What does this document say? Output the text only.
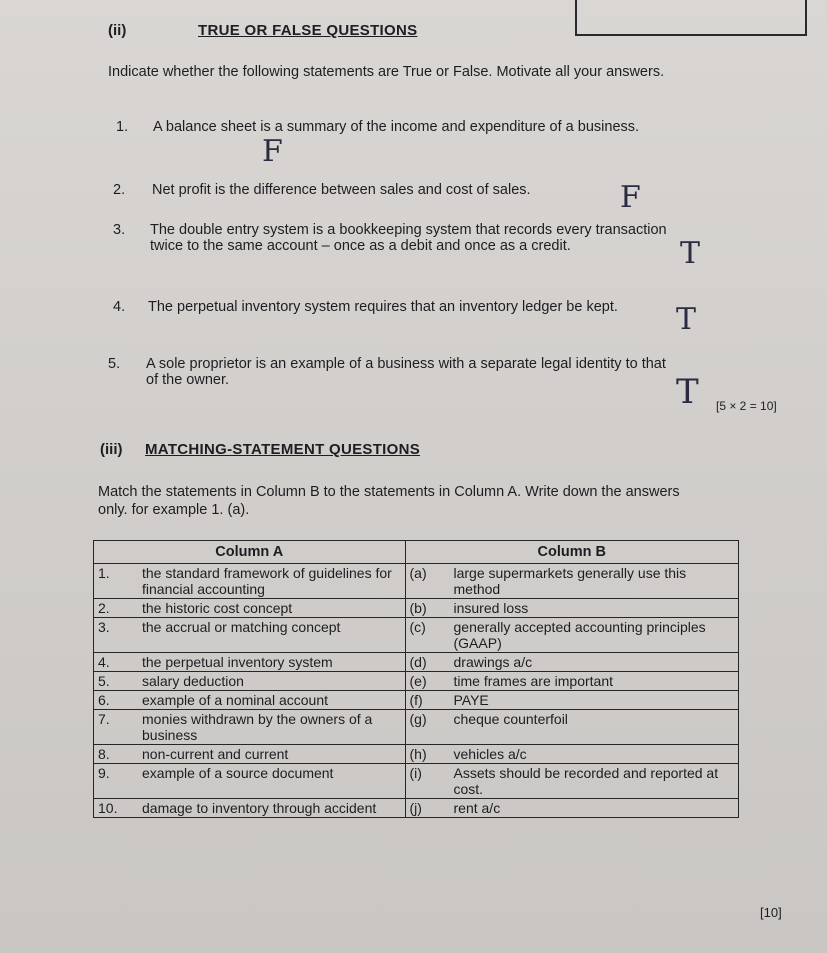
(ii)	TRUE OR FALSE QUESTIONS
Indicate whether the following statements are True or False. Motivate all your answers.
1. A balance sheet is a summary of the income and expenditure of a business.
F
2. Net profit is the difference between sales and cost of sales.	F
3. The double entry system is a bookkeeping system that records every transaction twice to the same account – once as a debit and once as a credit.	T
4. The perpetual inventory system requires that an inventory ledger be kept.	T
5. A sole proprietor is an example of a business with a separate legal identity to that of the owner.	T [5 × 2 = 10]
(iii) MATCHING-STATEMENT QUESTIONS
Match the statements in Column B to the statements in Column A. Write down the answers only. for example 1. (a).
Column A	Column B

1. the standard framework of guidelines for financial accounting	(a) large supermarkets generally use this method

2. the historic cost concept	(b) insured loss

3. the accrual or matching concept	(c) generally accepted accounting principles (GAAP)

4. the perpetual inventory system	(d) drawings a/c

5. salary deduction	(e) time frames are important

6. example of a nominal account	(f) PAYE

7. monies withdrawn by the owners of a business	(g) cheque counterfoil

8. non-current and current	(h) vehicles a/c

9. example of a source document	(i) Assets should be recorded and reported at cost.

10. damage to inventory through accident	(j) rent a/c
[10]
